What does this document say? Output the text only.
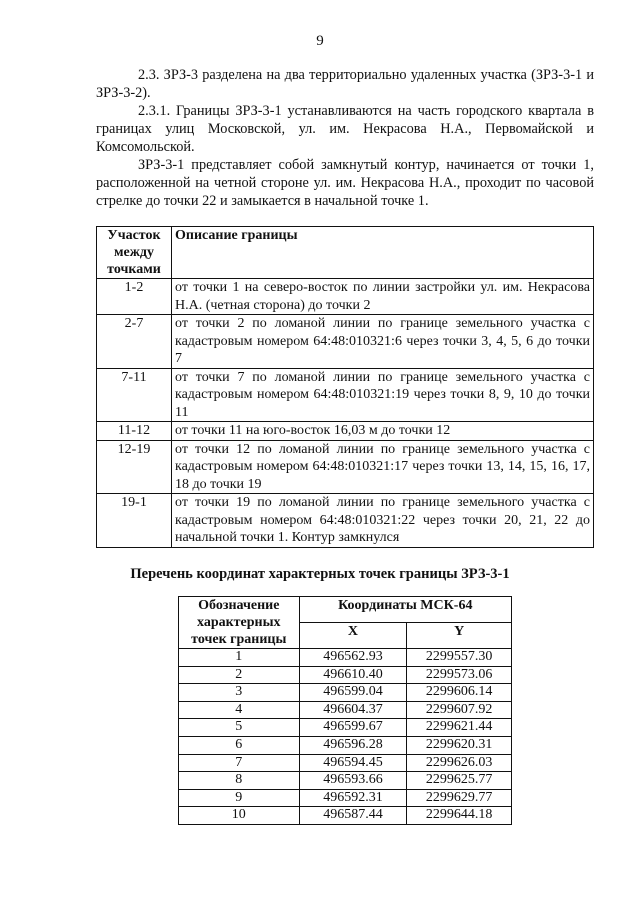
9

2.3. ЗРЗ-3 разделена на два территориально удаленных участка (ЗРЗ-3-1 и ЗРЗ-3-2).

2.3.1. Границы ЗРЗ-3-1 устанавливаются на часть городского квартала в границах улиц Московской, ул. им. Некрасова Н.А., Первомайской и Комсомольской.

ЗРЗ-3-1 представляет собой замкнутый контур, начинается от точки 1, расположенной на четной стороне ул. им. Некрасова Н.А., проходит по часовой стрелке до точки 22 и замыкается в начальной точке 1.

Участок между точками	Описание границы
1-2	от точки 1 на северо-восток по линии застройки ул. им. Некрасова Н.А. (четная сторона) до точки 2
2-7	от точки 2 по ломаной линии по границе земельного участка с кадастровым номером 64:48:010321:6 через точки 3, 4, 5, 6 до точки 7
7-11	от точки 7 по ломаной линии по границе земельного участка с кадастровым номером 64:48:010321:19 через точки 8, 9, 10 до точки 11
11-12	от точки 11 на юго-восток 16,03 м до точки 12
12-19	от точки 12 по ломаной линии по границе земельного участка с кадастровым номером 64:48:010321:17 через точки 13, 14, 15, 16, 17, 18 до точки 19
19-1	от точки 19 по ломаной линии по границе земельного участка с кадастровым номером 64:48:010321:22 через точки 20, 21, 22 до начальной точки 1. Контур замкнулся
Перечень координат характерных точек границы ЗРЗ-3-1
Обозначение характерных точек границы	Координаты МСК-64	
	X	Y
1	496562.93	2299557.30
2	496610.40	2299573.06
3	496599.04	2299606.14
4	496604.37	2299607.92
5	496599.67	2299621.44
6	496596.28	2299620.31
7	496594.45	2299626.03
8	496593.66	2299625.77
9	496592.31	2299629.77
10	496587.44	2299644.18
